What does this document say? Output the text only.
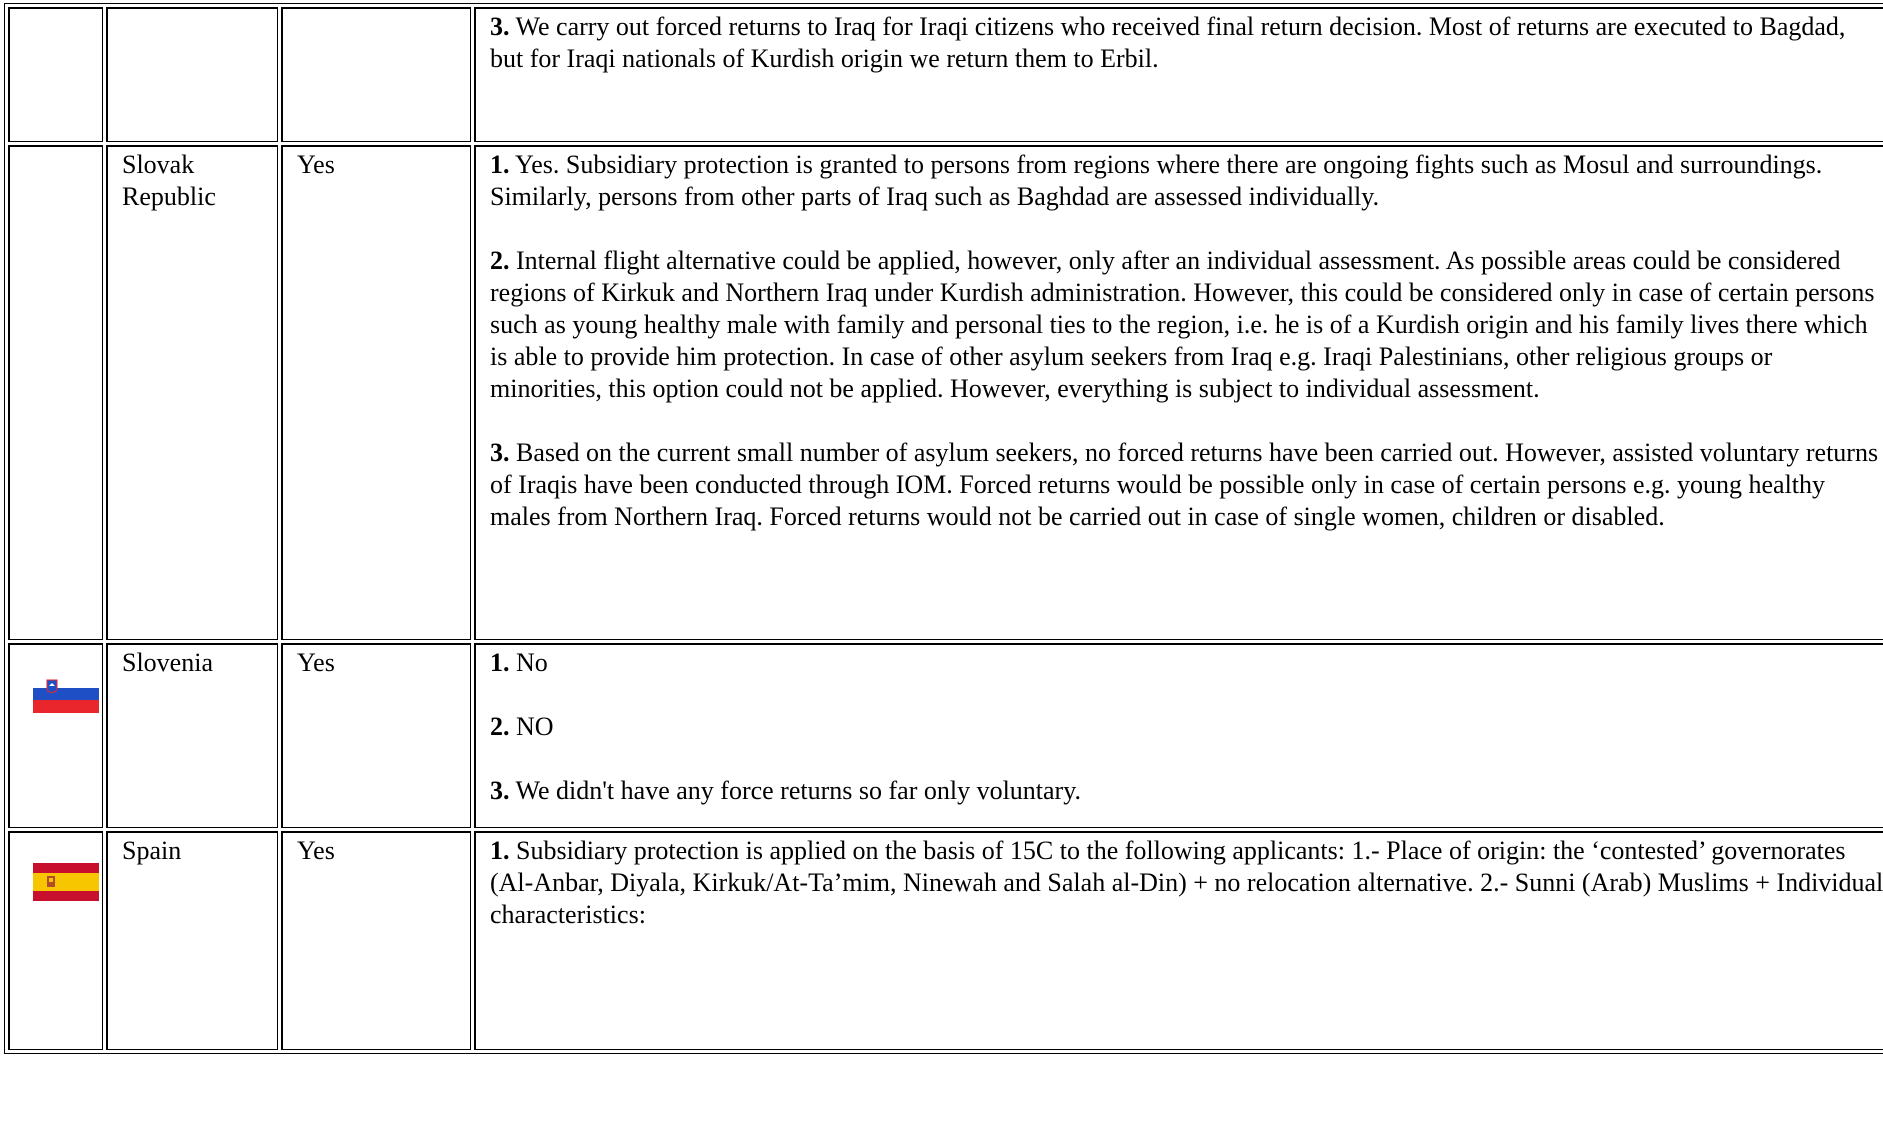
			3. We carry out forced returns to Iraq for Iraqi citizens who received final return decision. Most of returns are executed to Bagdad, but for Iraqi nationals of Kurdish origin we return them to Erbil.

	Slovak Republic	Yes	1. Yes. Subsidiary protection is granted to persons from regions where there are ongoing fights such as Mosul and surroundings. Similarly, persons from other parts of Iraq such as Baghdad are assessed individually.

2. Internal flight alternative could be applied, however, only after an individual assessment. As possible areas could be considered regions of Kirkuk and Northern Iraq under Kurdish administration. However, this could be considered only in case of certain persons such as young healthy male with family and personal ties to the region, i.e. he is of a Kurdish origin and his family lives there which is able to provide him protection. In case of other asylum seekers from Iraq e.g. Iraqi Palestinians, other religious groups or minorities, this option could not be applied. However, everything is subject to individual assessment.

3. Based on the current small number of asylum seekers, no forced returns have been carried out. However, assisted voluntary returns of Iraqis have been conducted through IOM. Forced returns would be possible only in case of certain persons e.g. young healthy males from Northern Iraq. Forced returns would not be carried out in case of single women, children or disabled.

	Slovenia	Yes	1. No

2. NO

3. We didn't have any force returns so far only voluntary.

	Spain	Yes	1. Subsidiary protection is applied on the basis of 15C to the following applicants: 1.- Place of origin: the ‘contested’ governorates (Al-Anbar, Diyala, Kirkuk/At-Ta’mim, Ninewah and Salah al-Din) + no relocation alternative. 2.- Sunni (Arab) Muslims + Individual characteristics:
